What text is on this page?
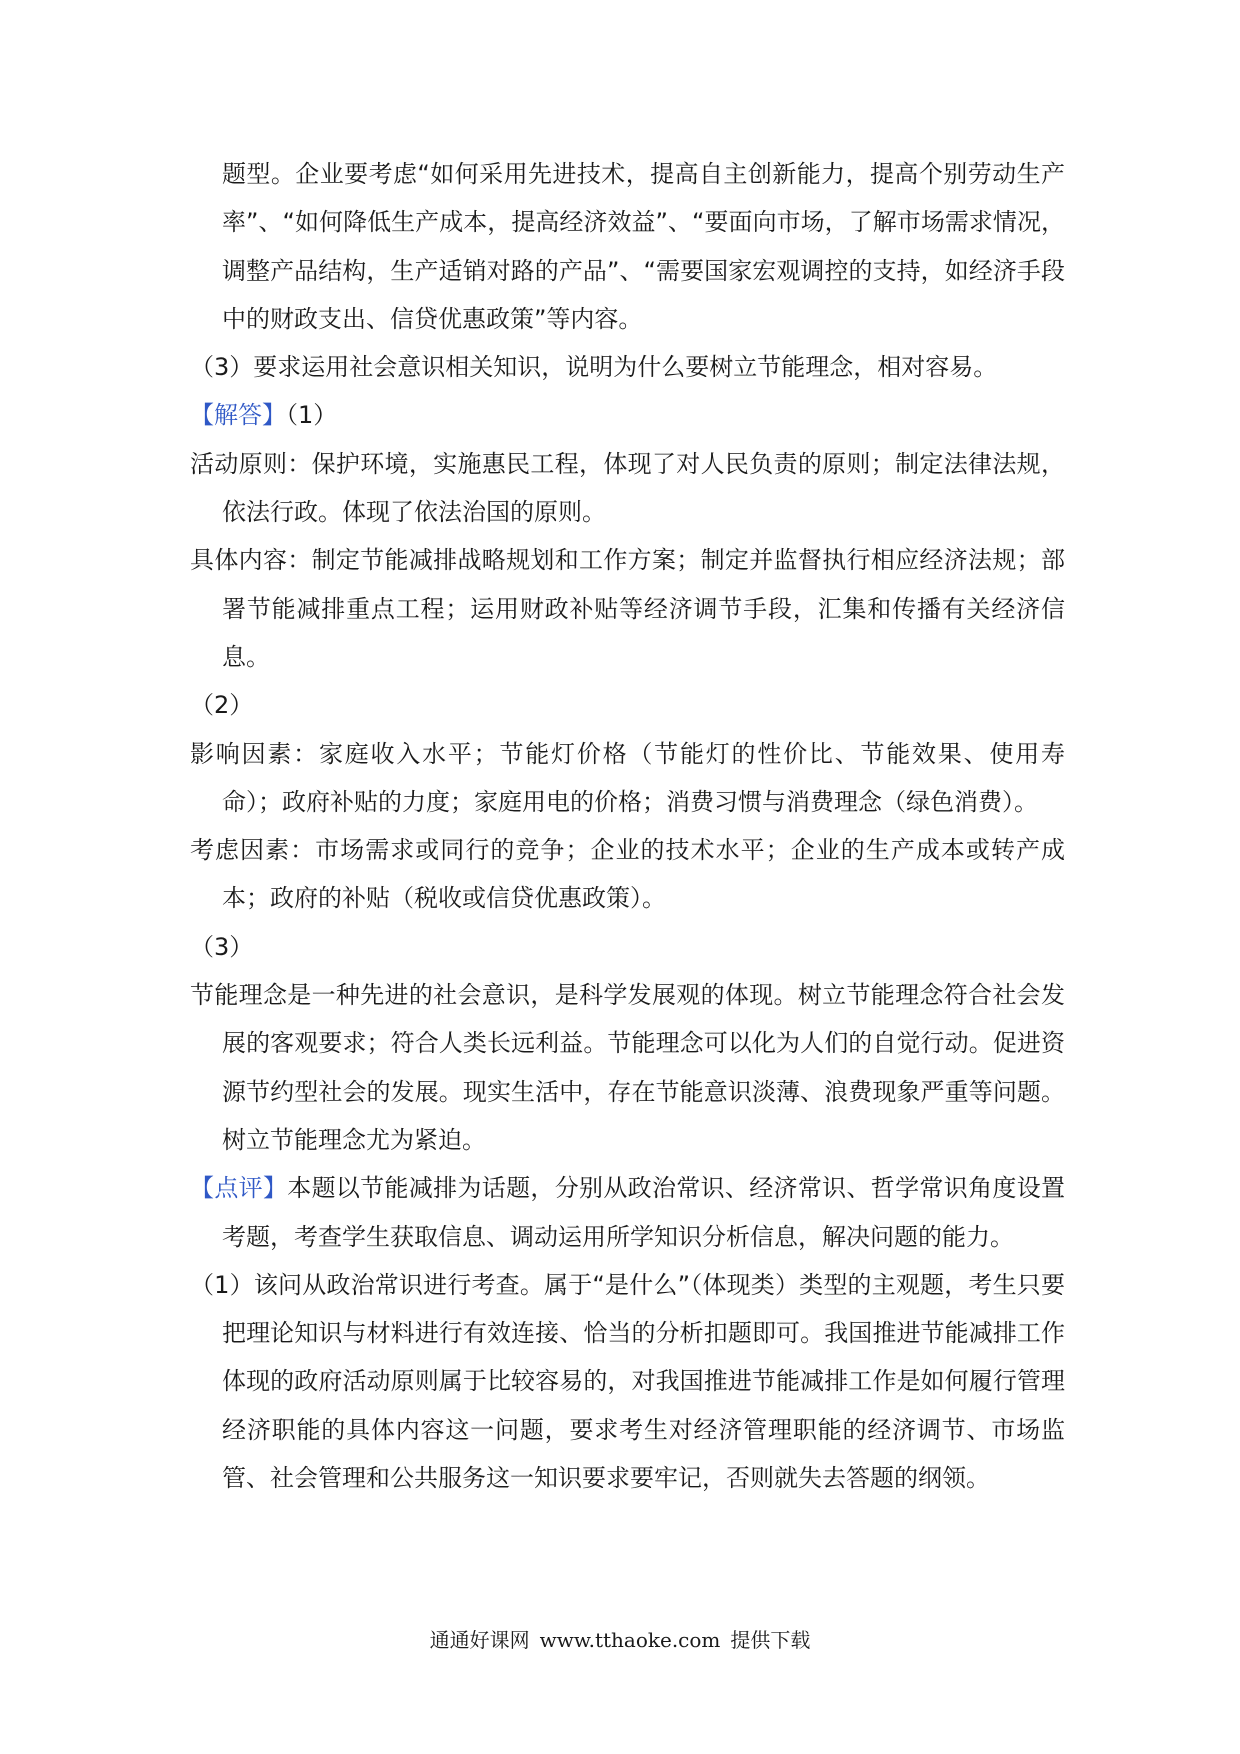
题型。企业要考虑“如何采用先进技术，提高自主创新能力，提高个别劳动生产率”、“如何降低生产成本，提高经济效益”、“要面向市场，了解市场需求情况，调整产品结构，生产适销对路的产品”、“需要国家宏观调控的支持，如经济手段中的财政支出、信贷优惠政策”等内容。

（3）要求运用社会意识相关知识，说明为什么要树立节能理念，相对容易。

【解答】（1）

活动原则：保护环境，实施惠民工程，体现了对人民负责的原则；制定法律法规，依法行政。体现了依法治国的原则。

具体内容：制定节能减排战略规划和工作方案；制定并监督执行相应经济法规；部署节能减排重点工程；运用财政补贴等经济调节手段，汇集和传播有关经济信息。

（2）

影响因素：家庭收入水平；节能灯价格（节能灯的性价比、节能效果、使用寿命）；政府补贴的力度；家庭用电的价格；消费习惯与消费理念（绿色消费）。

考虑因素：市场需求或同行的竞争；企业的技术水平；企业的生产成本或转产成本；政府的补贴（税收或信贷优惠政策）。

（3）

节能理念是一种先进的社会意识，是科学发展观的体现。树立节能理念符合社会发展的客观要求；符合人类长远利益。节能理念可以化为人们的自觉行动。促进资源节约型社会的发展。现实生活中，存在节能意识淡薄、浪费现象严重等问题。树立节能理念尤为紧迫。

【点评】本题以节能减排为话题，分别从政治常识、经济常识、哲学常识角度设置考题，考查学生获取信息、调动运用所学知识分析信息，解决问题的能力。

（1）该问从政治常识进行考查。属于“是什么”（体现类）类型的主观题，考生只要把理论知识与材料进行有效连接、恰当的分析扣题即可。我国推进节能减排工作体现的政府活动原则属于比较容易的，对我国推进节能减排工作是如何履行管理经济职能的具体内容这一问题，要求考生对经济管理职能的经济调节、市场监管、社会管理和公共服务这一知识要求要牢记，否则就失去答题的纲领。

通通好课网 www.tthaoke.com 提供下载
